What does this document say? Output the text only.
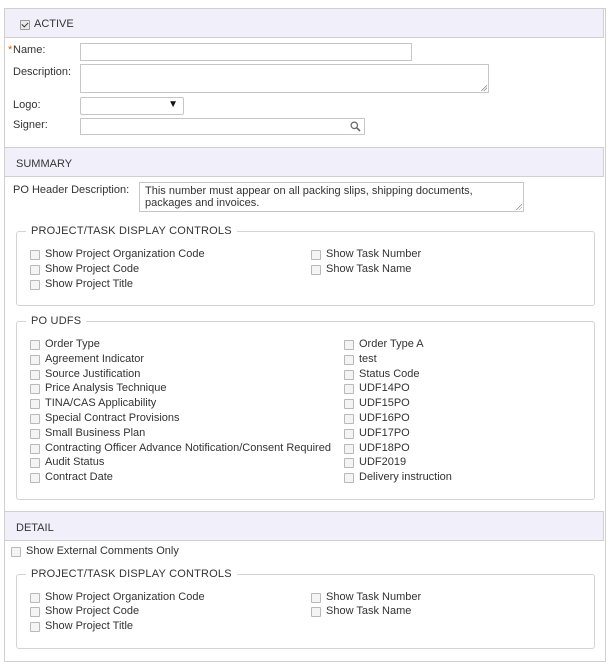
ACTIVE
* Name:
Description:
Logo:	▼
Signer:
SUMMARY
PO Header Description:	This number must appear on all packing slips, shipping documents, packages and invoices.
PROJECT/TASK DISPLAY CONTROLS
Show Project Organization Code
Show Project Code
Show Project Title
Show Task Number
Show Task Name
PO UDFS
Order Type
Agreement Indicator
Source Justification
Price Analysis Technique
TINA/CAS Applicability
Special Contract Provisions
Small Business Plan
Contracting Officer Advance Notification/Consent Required
Audit Status
Contract Date
Order Type A
test
Status Code
UDF14PO
UDF15PO
UDF16PO
UDF17PO
UDF18PO
UDF2019
Delivery instruction
DETAIL
Show External Comments Only
PROJECT/TASK DISPLAY CONTROLS
Show Project Organization Code
Show Project Code
Show Project Title
Show Task Number
Show Task Name
